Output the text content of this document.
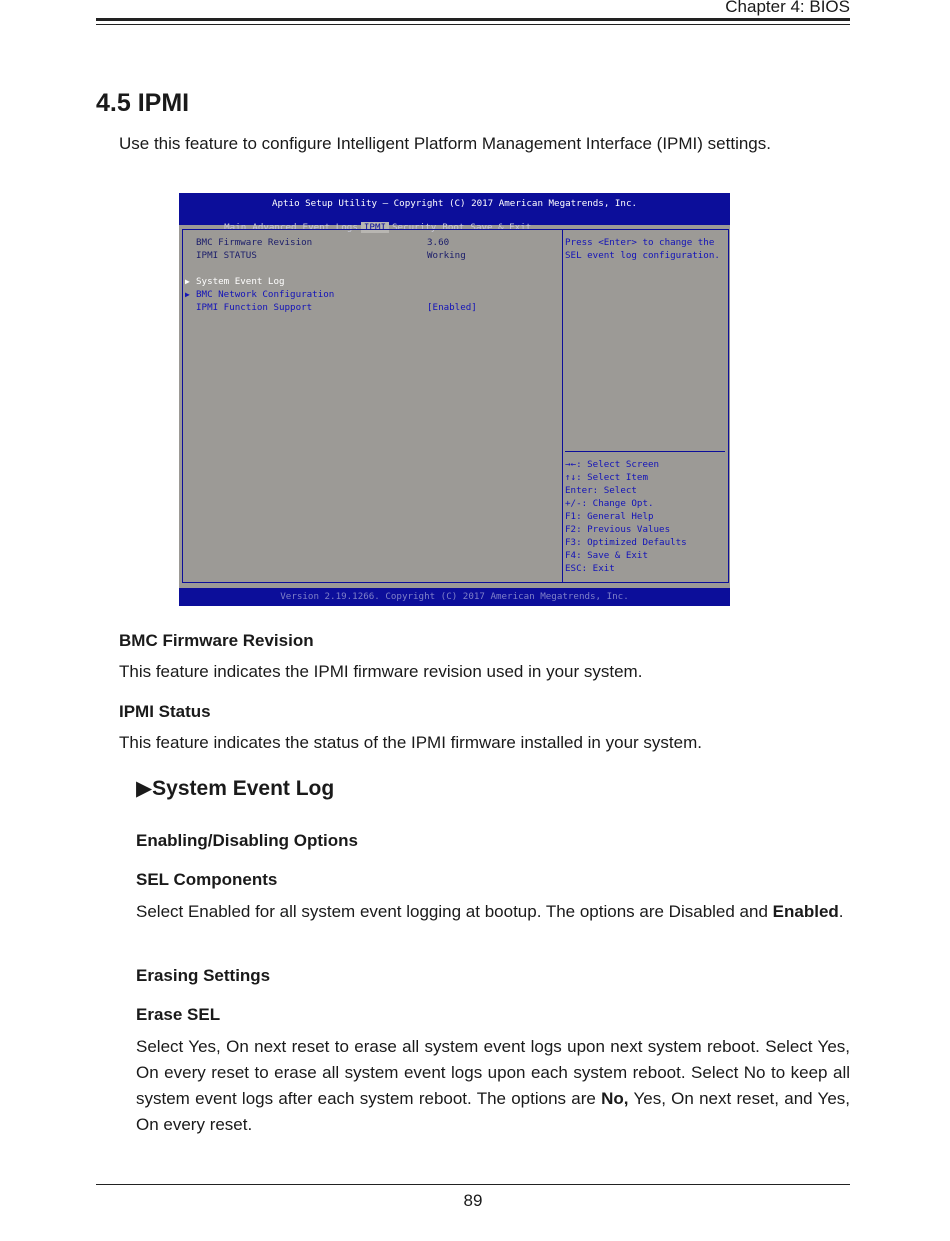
Chapter 4: BIOS
4.5 IPMI
Use this feature to configure Intelligent Platform Management Interface (IPMI) settings.
Aptio Setup Utility – Copyright (C) 2017 American Megatrends, Inc.

Main Advanced Event Logs IPMI Security Boot Save & Exit

BMC Firmware Revision	3.60
IPMI STATUS	Working
▶ System Event Log
▶ BMC Network Configuration
IPMI Function Support	[Enabled]
Press <Enter> to change the
SEL event log configuration.
→←: Select Screen
↑↓: Select Item
Enter: Select
+/-: Change Opt.
F1: General Help
F2: Previous Values
F3: Optimized Defaults
F4: Save & Exit
ESC: Exit
Version 2.19.1266. Copyright (C) 2017 American Megatrends, Inc.
BMC Firmware Revision
This feature indicates the IPMI firmware revision used in your system.
IPMI Status
This feature indicates the status of the IPMI firmware installed in your system.
▶System Event Log
Enabling/Disabling Options
SEL Components
Select Enabled for all system event logging at bootup. The options are Disabled and Enabled.
Erasing Settings
Erase SEL
Select Yes, On next reset to erase all system event logs upon next system reboot. Select Yes, On every reset to erase all system event logs upon each system reboot. Select No to keep all system event logs after each system reboot. The options are No, Yes, On next reset, and Yes, On every reset.
89
